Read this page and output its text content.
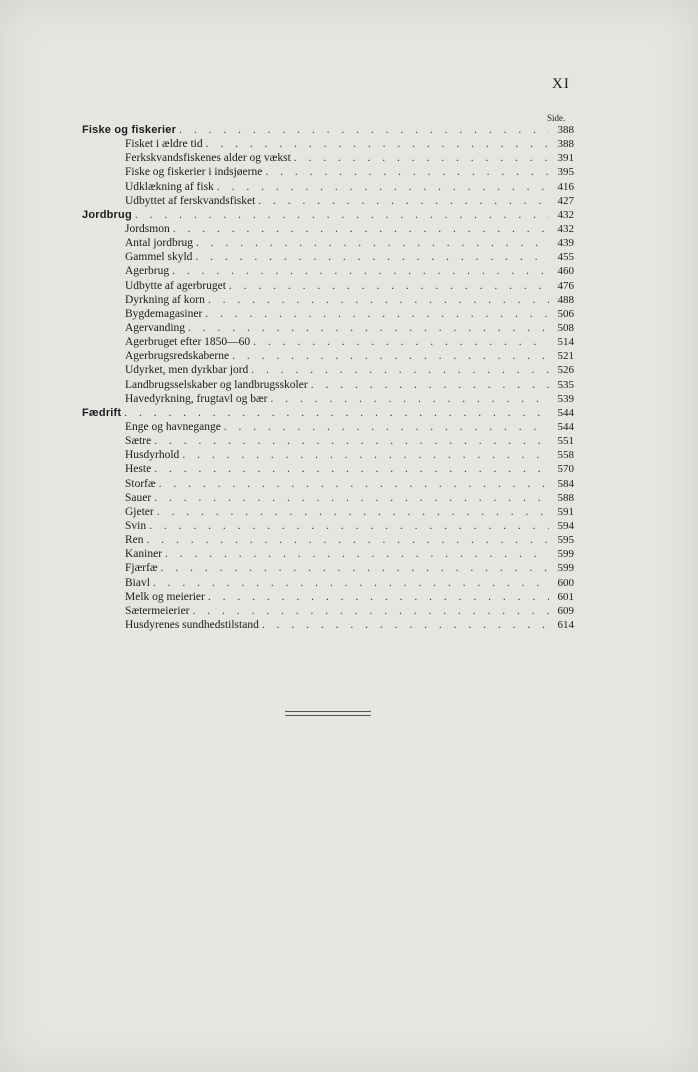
XI
Side.
Fiske og fiskerier . . .	388
Fisket i ældre tid . . .	388
Ferkskvandsfiskenes alder og vækst . . .	391
Fiske og fiskerier i indsjøerne . . .	395
Udklækning af fisk . . .	416
Udbyttet af ferskvandsfisket . . .	427
Jordbrug . . .	432
Jordsmon . . .	432
Antal jordbrug . . .	439
Gammel skyld . . .	455
Agerbrug . . .	460
Udbytte af agerbruget . . .	476
Dyrkning af korn . . .	488
Bygdemagasiner . . .	506
Agervanding . . .	508
Agerbruget efter 1850—60 . . .	514
Agerbrugsredskaberne . . .	521
Udyrket, men dyrkbar jord . . .	526
Landbrugsselskaber og landbrugsskoler . . .	535
Havedyrkning, frugtavl og bær . . .	539
Fædrift . . .	544
Enge og havnegange . . .	544
Sætre . . .	551
Husdyrhold . . .	558
Heste . . .	570
Storfæ . . .	584
Sauer . . .	588
Gjeter . . .	591
Svin . . .	594
Ren . . .	595
Kaniner . . .	599
Fjærfæ . . .	599
Biavl . . .	600
Melk og meierier . . .	601
Sætermeierier . . .	609
Husdyrenes sundhedstilstand . . .	614
